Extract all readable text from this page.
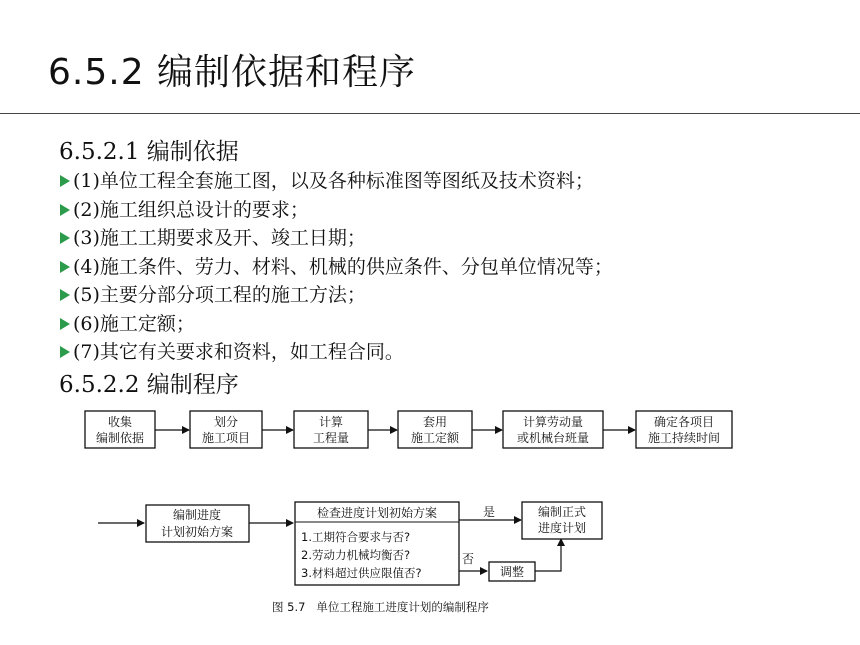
6.5.2 编制依据和程序
6.5.2.1 编制依据
(1)单位工程全套施工图，以及各种标准图等图纸及技术资料；
(2)施工组织总设计的要求；
(3)施工工期要求及开、竣工日期；
(4)施工条件、劳力、材料、机械的供应条件、分包单位情况等；
(5)主要分部分项工程的施工方法；
(6)施工定额；
(7)其它有关要求和资料，如工程合同。
6.5.2.2 编制程序
收集
编制依据
划分
施工项目
计算
工程量
套用
施工定额
计算劳动量
或机械台班量
确定各项目
施工持续时间
编制进度
计划初始方案
检查进度计划初始方案
1.工期符合要求与否?
2.劳动力机械均衡否?
3.材料超过供应限值否?
是
否
编制正式
进度计划
调整
图 5.7   单位工程施工进度计划的编制程序
